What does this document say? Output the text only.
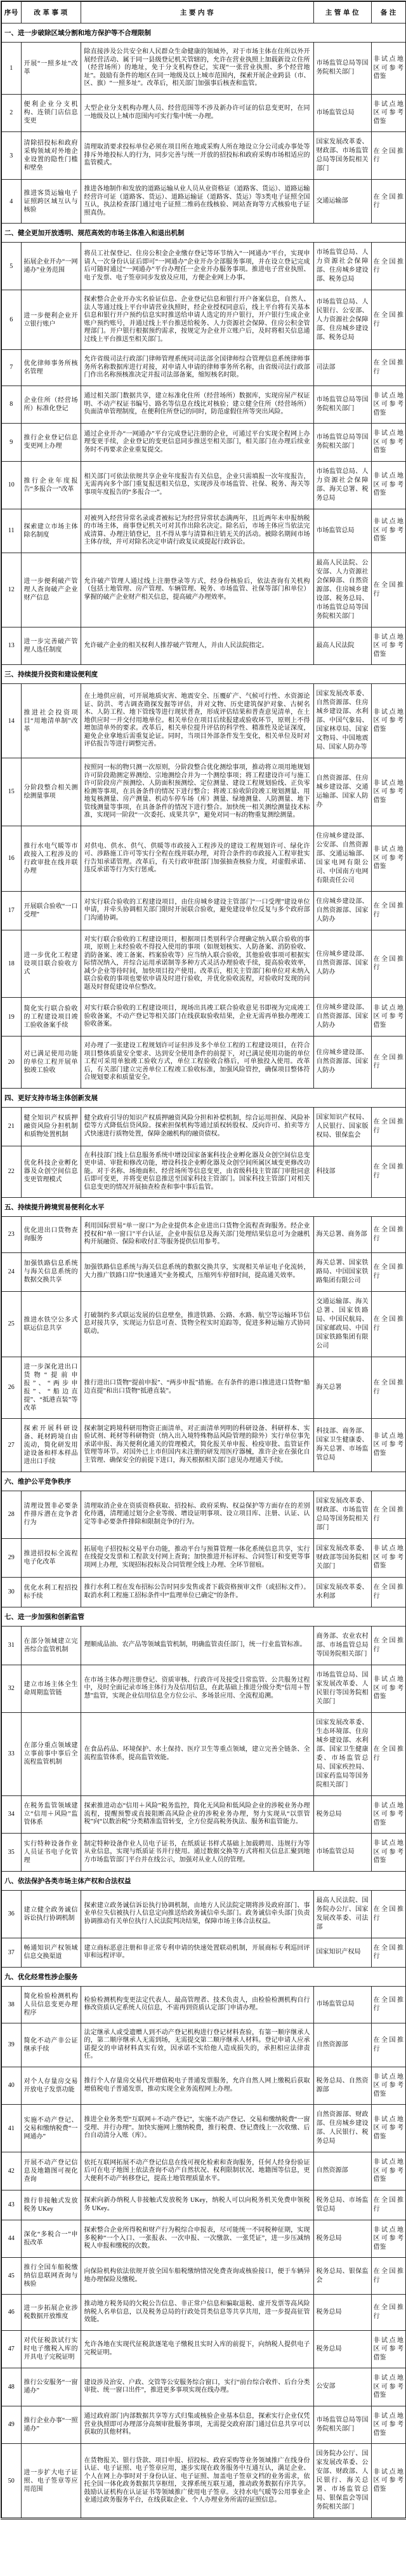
序号	改 革 事 项	主 要 内 容	主 管 单 位	备 注
一、进一步破除区域分割和地方保护等不合理限制				
1	开展“一照多址”改革	除直接涉及公共安全和人民群众生命健康的领域外，对于市场主体在住所以外开展经营活动、属于同一县级登记机关管辖的，允许在营业执照上加载新设立住所（经营场所）的地址，免于分支机构登记，实现“一张营业执照、多个经营地址”。鼓励有条件的地区在同一地级及以上城市范围内，探索开展企业跨县（市、区、旗）“一照多址”。改革后，相关部门加强事后核查和监管。	市场监管总局等国务院相关部门	非试点地区可参考借鉴
2	便利企业分支机构、连锁门店信息变更	大型企业分支机构办理人员、经营范围等不涉及新办许可证的信息变更时，在同一地级及以上城市范围内可实行集中统一办理。	市场监管总局	非试点地区可参考借鉴
3	清除招投标和政府采购领域对外地企业设置的隐性门槛和壁垒	清理取消要求投标单位必须在项目所在地或采购人所在地设立分公司或办事处等排斥外地投标人的行为，同步完善与统一开放的招投标和政府采购市场相适应的监管模式。	国家发展改革委、财政部、市场监管总局等国务院相关部门	在全国推行
4	推进客货运输电子证照跨区域互认与核验	推进各地制作和发放的道路运输从业人员从业资格证（道路客、货运）、道路运输经营许可证（道路客、货运）、道路运输证（道路客、货运）等3类电子证照全国互认，执法检查部门通过电子证照二维码在线核验、网站查询等方式核验电子证照真伪。	交通运输部	在全国推行
二、健全更加开放透明、规范高效的市场主体准入和退出机制				
5	拓展企业开办“一网通办”业务范围	将员工社保登记、住房公积金企业缴存登记等环节纳入“一网通办”平台，实现申请人一次身份认证后即可“一网通办”企业开办全部服务事项，并在设立登记完成后可随时通过“一网通办”平台办理任一企业开办服务事项。推进电子营业执照、电子发票、电子签章同步发放及应用，方便企业网上办事。	市场监管总局、人力资源社会保障部、住房城乡建设部、税务总局	在全国推行
6	进一步便利企业开立银行账户	探索整合企业开办实名验证信息、企业登记信息和银行开户备案信息，自然人、法人等通过线上平台申请营业执照时，经企业授权同意后，线上平台将有关基本信息和银行开户预约信息实时推送给申请人选定的开户银行，开户银行生成企业账户预约账号，并通过线上平台推送给税务、人力资源社会保障、住房公积金管理部门。开户银行根据预约需求，按规定为企业开立账户后，及时将相关信息通过线上平台推送至相关部门。	市场监管总局、人民银行、公安部、人力资源社会保障部、住房城乡建设部、税务总局	在全国推行
7	优化律师事务所核名管理	允许省级司法行政部门律师管理系统同司法部全国律师综合管理信息系统律师事务所名称数据库进行对接，对申请人申请的律师事务所名称，由省级司法行政部门作出名称预核准决定并报司法部备案，缩短核名时限。	司法部	在全国推行
8	企业住所（经营场所）标准化登记	通过相关部门数据共享，建立标准化住所（经营场所）数据库，实现房屋产权证明、不动产权证书编号、路名等信息在线比对核验；建立健全住所（经营场所）负面清单管理制度，在便利住所登记的同时，防范虚假住所等突出风险。	市场监管总局等国务院相关部门	非试点地区可参考借鉴
9	推行企业登记信息变更网上办理	通过企业开办“一网通办”平台完成登记注册的企业，可通过平台实现全程网上办理变更手续，企业登记的变更信息同步推送至相关部门，相关部门在办理后续业务时不再要求企业重复提交。	市场监管总局等国务院相关部门	非试点地区可参考借鉴
10	推行企业年度报告“多报合一”改革	相关部门可依法依规共享企业年度报告有关信息，企业只需填报一次年度报告，无需再向多个部门重复报送相关信息，实现涉及市场监管、社保、税务、海关等事项年度报告的“多报合一”。	市场监管总局、人力资源社会保障部、海关总署、税务总局	非试点地区可参考借鉴
11	探索建立市场主体除名制度	对被列入经营异常名录或者被标记为经营异常状态满两年，且近两年未申报纳税的市场主体，商事登记机关可对其作出除名决定。除名后，市场主体应当依法完成清算、办理注销登记，且不得从事与清算和注销无关的活动。被除名期间市场主体存续，并可对除名决定申请行政复议或提起行政诉讼。	市场监管总局	非试点地区可参考借鉴
12	进一步便利破产管理人查询破产企业财产信息	允许破产管理人通过线上注册登录等方式，经身份核验后，依法查询有关机构（包括土地管理、房产管理、车辆管理、税务、市场监管、社保等部门和单位）掌握的破产企业财产相关信息，提高破产办理效率。	最高人民法院、公安部、人力资源社会保障部、自然资源部、住房城乡建设部、税务总局、市场监管总局等国务院相关部门	在全国推行
13	进一步完善破产管理人选任制度	允许破产企业的相关权利人推荐破产管理人，并由人民法院指定。	最高人民法院	非试点地区可参考借鉴
三、持续提升投资和建设便利度				
14	推进社会投资项目“用地清单制”改革	在土地供应前，可开展地质灾害、地震安全、压覆矿产、气候可行性、水资源论证、防洪、考古调查勘探发掘等评估，并对文物、历史建筑保护对象、古树名木、人防工程、地下管线等进行现状普查，形成评估结果和普查意见清单，在土地供应时一并交付用地单位。相关单位在项目后续报建或验收环节，原则上不得增加清单外的要求。改革后，相关单位提升评估的科学性、精准性及论证深度，避免企业拿地后需重复论证。同时，当项目外部条件发生变化，相关单位及时对评估报告等进行调整完善。	国家发展改革委、自然资源部、住房城乡建设部、水利部、中国气象局、国家林草局、国家文物局、中国地震局、国家人防办等	非试点地区可参考借鉴
15	分阶段整合相关测绘测量事项	按照同一标的物只测一次原则，分阶段整合优化测绘事项，推动将立项用地规划许可阶段勘测定界测绘、宗地测绘合并为一个测绘事项；将工程建设许可与施工许可阶段房产预测绘、人防面积预测绘、定位测量、建设工程规划验线、正负零检测等事项，在具备条件的情况下进行整合；将竣工验收阶段竣工规划测量、用地复核测量、房产测量、机动车停车场（库）测量、绿地测量、人防测量、地下管线测量等事项，在具备条件的情况下进行整合。加快统一相关测绘测量技术标准，实现同一阶段“一次委托、成果共享”，避免对同一标的物重复测绘测量。	自然资源部、住房城乡建设部、交通运输部、国家人防办	非试点地区可参考借鉴
16	推行水电气暖等市政接入工程涉及的行政审批在线并联办理	对供电、供水、供气、供暖等市政接入工程涉及的建设工程规划许可、绿化许可、涉路施工许可等实行全程在线并联办理，对符合条件的市政接入工程审批实行告知承诺管理。改革后，有关行政审批部门加强抽查核验力度，对虚假承诺、违反承诺等行为实行惩戒。	住房城乡建设部、公安部、自然资源部、交通运输部、国家电网有限公司、中国南方电网有限责任公司	非试点地区可参考借鉴
17	开展联合验收“一口受理”	对实行联合验收的工程建设项目，由住房城乡建设主管部门“一口受理”建设单位申请，并牵头协调相关部门限时开展联合验收，避免建设单位反复与多个政府部门沟通协调。	住房城乡建设部、自然资源部、国家人防办	在全国推行
18	进一步优化工程建设项目联合验收方式	对实行联合验收的工程建设项目，根据项目类别科学合理确定纳入联合验收的事项，原则上未经验收不得投入使用的事项（如规划核实、人防备案、消防验收、消防备案、竣工备案、档案验收等）应当纳入联合验收，其他验收事项可根据实际情况纳入，并综合运用承诺制等多种方式灵活办理验收手续，提高验收效率，减少企业等待时间，加快项目投产使用。改革后，相关主管部门和单位对未纳入联合验收的事项也要依申请及时进行验收，并优化验收流程，对验收时发现的问题及时督促建设单位整改。	住房城乡建设部、自然资源部、国家人防办	在全国推行
19	简化实行联合验收的工程建设项目竣工验收备案手续	对实行联合验收的工程建设项目，现场出具竣工联合验收意见书即视为完成竣工验收备案，不动产登记等相关部门在线获取验收结果，企业无需再单独办理竣工验收备案。	住房城乡建设部、自然资源部、国家人防办	非试点地区可参考借鉴
20	对已满足使用功能的单位工程开展单独竣工验收	对办理了一张建设工程规划许可证但涉及多个单位工程的工程建设项目，在符合项目整体质量安全要求、达到安全使用条件的前提下，对已满足使用功能的单位工程可采用单独竣工验收方式，单位工程验收合格后，可单独投入使用。改革后，有关部门建立完善单位工程竣工验收标准，加强风险管控，确保项目整体符合规划要求和质量安全。	住房城乡建设部、自然资源部、国家人防办	在全国推行
四、更好支持市场主体创新发展				
21	健全知识产权质押融资风险分担机制和质物处置机制	健全政府引导的知识产权质押融资风险分担和补偿机制，综合运用担保、风险补偿等方式降低信贷风险。探索担保机构等通过质权转股权、反向许可、拍卖等方式快速进行质物处置，保障金融机构的融资债权。	国家知识产权局、人民银行、国家版权局、银保监会	在全国推行
22	优化科技企业孵化器及众创空间信息变更管理模式	在科技部门线上信息服务系统中增设国家备案科技企业孵化器及众创空间信息变更申请、审批和修改功能，增设科技企业孵化器及众创空间所属区域变更修改功能。对于名称、场地面积、经营场所等信息变更，由省级科技主管部门审批同意后即可变更，并将变更信息推送至国家科技主管部门。国家科技主管部门对相关信息变更的情况开展抽查检查和事中事后监管。	科技部	在全国推行
五、持续提升跨境贸易便利化水平				
23	优化进出口货物查询服务	利用国际贸易“单一窗口”为企业提供本企业进出口货物全流程查询服务。经企业授权和“单一窗口”平台认证，企业申报信息及海关部门处理结果信息可为金融机构开展融资、保险和收付汇等服务提供信用参考。	海关总署、商务部	在全国推行
24	加强铁路信息系统与海关信息系统的数据交换共享	加强铁路信息系统与海关信息系统的数据交换共享，实现相关单证电子化流转，大力推广铁路口岸“快速通关”业务模式，压缩列车停留时间，提高通关效率。	海关总署、国家铁路局、中国国家铁路集团有限公司	在全国推行
25	推进水铁空公多式联运信息共享	打破制约多式联运发展的信息壁垒，推进铁路、公路、水路、航空等运输环节信息对接共享，实现运力信息可查、货物全程实时追踪等，促进多种运输方式协同联动。	交通运输部、海关总署、国家铁路局、中国民航局、国家邮政局、中国国家铁路集团有限公司	在全国推行
26	进一步深化进出口货物“提前申报”、“两步申报”、“船边直提”、“抵港直装”等改革	推行进出口货物“提前申报”、“两步申报”措施。在有条件的港口推进进口货物“船边直提”和出口货物“抵港直装”。	海关总署	在全国推行
27	探索开展科研设备、耗材跨境自由流动，简化研发用途设备和样本样品进出口手续	探索制定跨境科研用物资正面清单，对正面清单列明的科研设备、科研样本、实验试剂、耗材等科研物资（纳入出入境特殊物品风险管理的除外）实行单位事先承诺申报、海关便利化通关的管理模式，简化报关单申报、检疫审批、监管证件管理等环节。对国外已上市但国内未注册的研发用医疗器械，准许企业在强化自主管理、确保安全的前提下进口，海关根据相关部门意见办理通关手续。	科技部、商务部、国家卫生健康委、海关总署、市场监管总局	非试点地区可参考借鉴
六、维护公平竞争秩序				
28	清理设置非必要条件排斥潜在竞争者行为	清理取消企业在资质资格获取、招投标、政府采购、权益保护等方面存在的差别化待遇，清理通过划分企业等级、增设证明事项、设立项目库、注册、认证、认定等非必要条件排除和限制竞争的行为。	国家发展改革委、财政部、市场监管总局等国务院相关部门	在全国推行
29	推进招投标全流程电子化改革	拓展电子招投标交易平台功能，推动平台与预算管理一体化系统信息共享，实行在线提交发票和工程款支付网上查询；加快推进开标评标、合同签订和变更等事项网上办理，实现招标投标及合同管理全线上办理、全环节留痕。	国家发展改革委、财政部等国务院相关部门	非试点地区可参考借鉴
30	优化水利工程招投标手续	推行水利工程在发布招标公告时同步发售或者下载资格预审文件（或招标文件）。取消水利工程施工招标条件中“监理单位已确定”的条件。	国家发展改革委、水利部	在全国推行
七、进一步加强和创新监管				
31	在部分领域建立完善综合监管机制	理顺成品油、农产品等领域监管机制，明确监管责任部门，统一行业监管标准。	商务部、农业农村部、市场监管总局等国务院相关部门	在全国推行
32	建立市场主体全生命周期监管链	在市场主体办理注册登记、资质审核、行政许可及接受日常监管、公共服务过程中，及时全面记录市场主体行为及信用信息，在此基础上推进分级分类“信用＋智慧”监管，实现企业信用信息全方位公示、多场景应用、全流程追溯。	市场监管总局、国家发展改革委、人民银行等国务院相关部门	非试点地区可参考借鉴
33	在部分重点领域建立事前事中事后全流程监管机制	在食品药品、环境保护、水土保持、医疗卫生等重点领域，建立完善全链条、全流程监管体系，提高监管效能。	国家发展改革委、生态环境部、住房城乡建设部、水利部、国家卫生健康委、市场监管总局、国家疾控局、国家药监局等国务院相关部门	在全国推行
34	在税务监管领域建立“信用＋风险”监管体系	探索推进动态“信用＋风险”税务监控，简化无风险和低风险企业的涉税业务办理流程，提醒预警或直接阻断高风险企业的涉税业务办理，努力实现从“以票管税”向“以数治税”分类精准监管转变，全方位提高税务执法、服务和监管能力。	税务总局	非试点地区可参考借鉴
35	实行特种设备作业人员证书电子化管理	制定特种设备作业人员电子证书，在纸质证书样式基础上加载聘用、违规行为等从业信息，实现与纸质证书并行使用。通过数据交换等方式将相关信息汇聚到地方市场监管部门平台并在线公示，加强对从业人员的管理。	市场监管总局	非试点地区可参考借鉴
八、依法保护各类市场主体产权和合法权益				
36	建立健全政务诚信诉讼执行协调机制	探索建立政务诚信诉讼执行协调机制，由地方人民法院定期将涉及政府部门、事业单位失信被执行人信息定向推送给政务诚信牵头部门。政务诚信牵头部门负责协调推动有关单位执行人民法院判决结果，保障市场主体合法权益。	最高人民法院、国务院办公厅、国家发展改革委、司法部	在全国推行
37	畅通知识产权领域信息交换渠道	建立商标恶意注册和非正常专利申请的快速处置联动机制，开展商标专利巡回评审和远程评审。	国家知识产权局	在全国推行
九、优化经常性涉企服务				
38	简化检验检测机构人员信息变更办理程序	检验检测机构变更法定代表人、最高管理者、技术负责人，由检验检测机构自行修改资质认定系统人员信息，不需再到资质认定部门申请办理。	市场监管总局	在全国推行
39	简化不动产非公证继承手续	法定继承人或受遗赠人到不动产登记机构进行登记材料查验，有第一顺序继承人的，第二顺序继承人无需到场，无需提交第二顺序继承人材料。登记申请人应承诺提交的申请材料真实有效，因承诺不实给他人造成损失的，承担相应法律责任。	自然资源部	在全国推行
40	对个人存量房交易开放电子发票功能	推行个人存量房交易代开增值税电子普通发票服务，允许自然人网上缴税后获取增值税电子普通发票，推动实现全业务流程网上办理。	税务总局、自然资源部	非试点地区可参考借鉴
41	实施不动产登记、交易和缴纳税费“一网通办”	推进全业务类型“互联网＋不动产登记”，实施不动产登记、交易和缴纳税费“一窗受理、并行办理”。加快实施网上缴纳税费，推行税费、登记费线上一次收缴、后台自动清分入账（库）。	自然资源部、财政部、住房城乡建设部、人民银行、税务总局	非试点地区可参考借鉴
42	开展不动产登记信息及地籍图可视化查询	依托互联网拓展不动产登记信息在线可视化检索和查询服务，任何人经身份验证后可在电子地图上依法查询不动产自然状况、权利限制状况、地籍图等信息，更大便利不动产转移登记，提高土地管理质量水平。	自然资源部	非试点地区可参考借鉴
43	推行非接触式发放税务 UKey	探索向新办纳税人非接触式发放税务 UKey，纳税人可以向税务机关免费申领税务 UKey。	税务总局、市场监管总局	在全国推行
44	深化“多税合一”申报改革	探索整合企业所得税和财产行为税综合申报表，尽可能统一不同税种征期，实现多税种“一个入口、一张报表、一次申报、一次缴款、一张凭证”，进一步压减纳税人申报和缴税的次数。	税务总局	非试点地区可参考借鉴
45	推行全国车船税缴纳信息联网查询与核验	向保险机构依法依规开放全国车船税缴纳情况免费查询或核验接口，便于车辆异地办理保险及缴税。	税务总局、银保监会	在全国推行
46	进一步拓展企业涉税数据开放维度	推动地方税务局的欠税公告信息、非正常户信息和骗取退税、虚开发票等高风险纳税人名单信息，以及税务总局的行政处罚类信息等共享共用，进一步提高征管效能。	税务总局	在全国推行
47	对代征税款试行实时电子缴税入库的开具电子完税证明	允许各地在实现代征税款逐笔电子缴税且实时入库的前提下，向纳税人提供电子完税证明。	税务总局	非试点地区可参考借鉴
48	推行公安服务“一窗通办”	建设涉及治安、户政、交管等公安服务综合窗口，实行“前台综合收件、后台分类审批、统一窗口出件”，推进更多事项实现在线办理。	公安部	非试点地区可参考借鉴
49	推行企业办事“一照通办”	通过政府部门内部数据共享等方式归集或核验企业基本信息，探索实行企业仅凭营业执照即可办理部分高频审批服务事项，无需提交政府部门通过信息共享可以获取的其他材料。	市场监管总局等国务院相关部门	非试点地区可参考借鉴
50	进一步扩大电子证照、电子签章等应用范围	在货物报关、银行贷款、项目申报、招投标、政府采购等业务领域推广在线身份认证、电子证照、电子签章应用，逐步实现在政务服务中互通互认，满足企业、个人在网上办事时对于身份认证、电子证照、加盖电子签章文档的业务需求，依托全国一体化政务数据共享枢纽，支撑系统互联互通，推动政务数据有序共享。鼓励认证机构在认证证书等领域推广使用电子签章。支持水电气暖等公用事业企业通过政务服务平台，在线获取企业、个人办理业务所需的证照信息。	国务院办公厅、国家发展改革委、公安部、财政部、人民银行、海关总署、市场监管总局、银保监会等国务院相关部门	非试点地区可参考借鉴
